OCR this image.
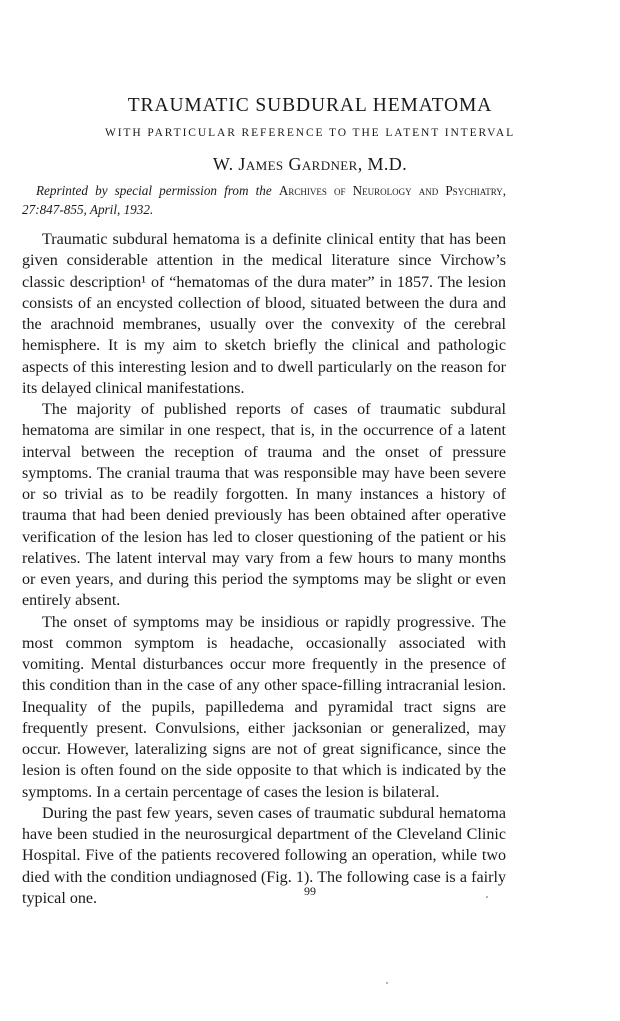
TRAUMATIC SUBDURAL HEMATOMA
WITH PARTICULAR REFERENCE TO THE LATENT INTERVAL
W. James Gardner, M.D.
Reprinted by special permission from the Archives of Neurology and Psychiatry, 27:847-855, April, 1932.

Traumatic subdural hematoma is a definite clinical entity that has been given considerable attention in the medical literature since Virchow’s classic description¹ of “hematomas of the dura mater” in 1857. The lesion consists of an encysted collection of blood, situated between the dura and the arachnoid membranes, usually over the convexity of the cerebral hemisphere. It is my aim to sketch briefly the clinical and pathologic aspects of this interesting lesion and to dwell particularly on the reason for its delayed clinical manifestations.

The majority of published reports of cases of traumatic subdural hematoma are similar in one respect, that is, in the occurrence of a latent interval between the reception of trauma and the onset of pressure symptoms. The cranial trauma that was responsible may have been severe or so trivial as to be readily forgotten. In many instances a history of trauma that had been denied previously has been obtained after operative verification of the lesion has led to closer questioning of the patient or his relatives. The latent interval may vary from a few hours to many months or even years, and during this period the symptoms may be slight or even entirely absent.

The onset of symptoms may be insidious or rapidly progressive. The most common symptom is headache, occasionally associated with vomiting. Mental disturbances occur more frequently in the presence of this condition than in the case of any other space-filling intracranial lesion. Inequality of the pupils, papilledema and pyramidal tract signs are frequently present. Convulsions, either jacksonian or generalized, may occur. However, lateralizing signs are not of great significance, since the lesion is often found on the side opposite to that which is indicated by the symptoms. In a certain percentage of cases the lesion is bilateral.

During the past few years, seven cases of traumatic subdural hematoma have been studied in the neurosurgical department of the Cleveland Clinic Hospital. Five of the patients recovered following an operation, while two died with the condition undiagnosed (Fig. 1). The following case is a fairly typical one.	99
